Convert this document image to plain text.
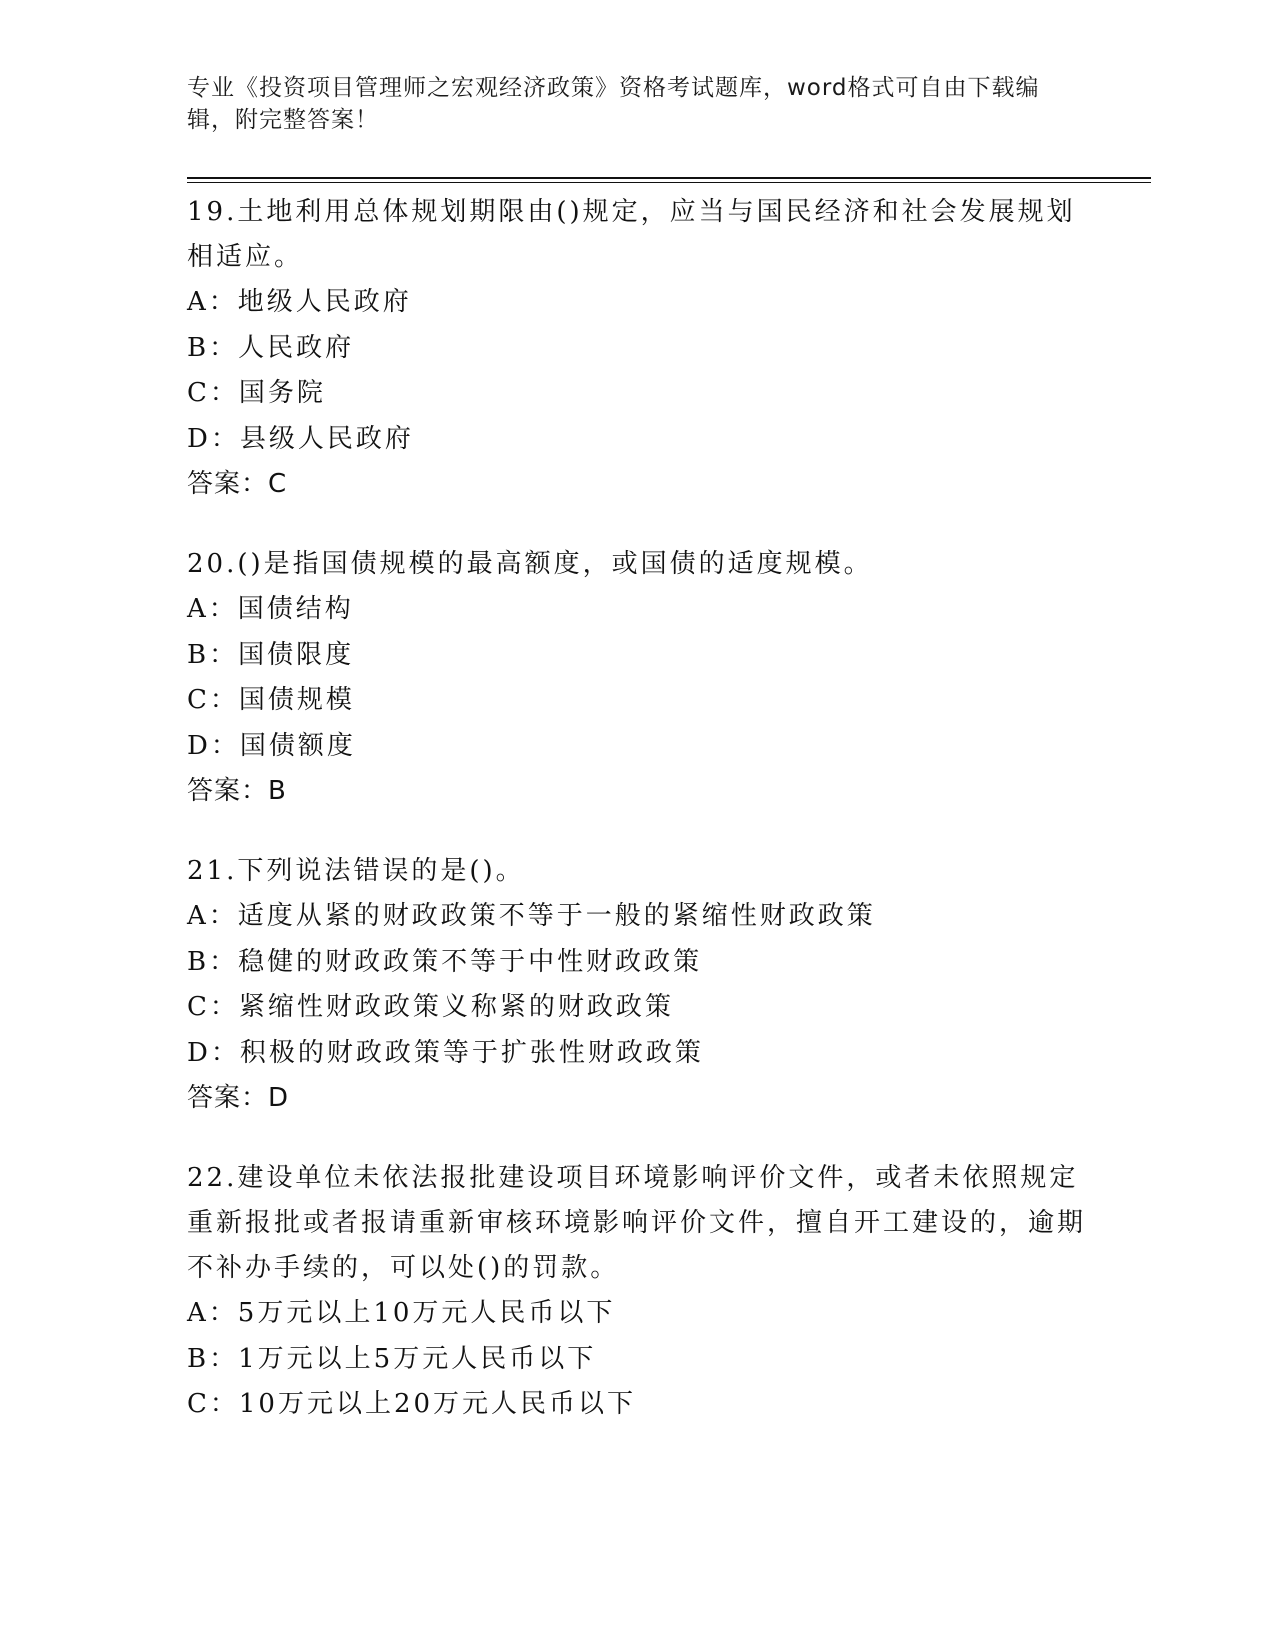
专业《投资项目管理师之宏观经济政策》资格考试题库，word格式可自由下载编辑，附完整答案！
19.土地利用总体规划期限由()规定，应当与国民经济和社会发展规划相适应。
A：地级人民政府
B：人民政府
C：国务院
D：县级人民政府
答案：C
20.()是指国债规模的最高额度，或国债的适度规模。
A：国债结构
B：国债限度
C：国债规模
D：国债额度
答案：B
21.下列说法错误的是()。
A：适度从紧的财政政策不等于一般的紧缩性财政政策
B：稳健的财政政策不等于中性财政政策
C：紧缩性财政政策义称紧的财政政策
D：积极的财政政策等于扩张性财政政策
答案：D
22.建设单位未依法报批建设项目环境影响评价文件，或者未依照规定重新报批或者报请重新审核环境影响评价文件，擅自开工建设的，逾期不补办手续的，可以处()的罚款。
A：5万元以上10万元人民币以下
B：1万元以上5万元人民币以下
C：10万元以上20万元人民币以下
